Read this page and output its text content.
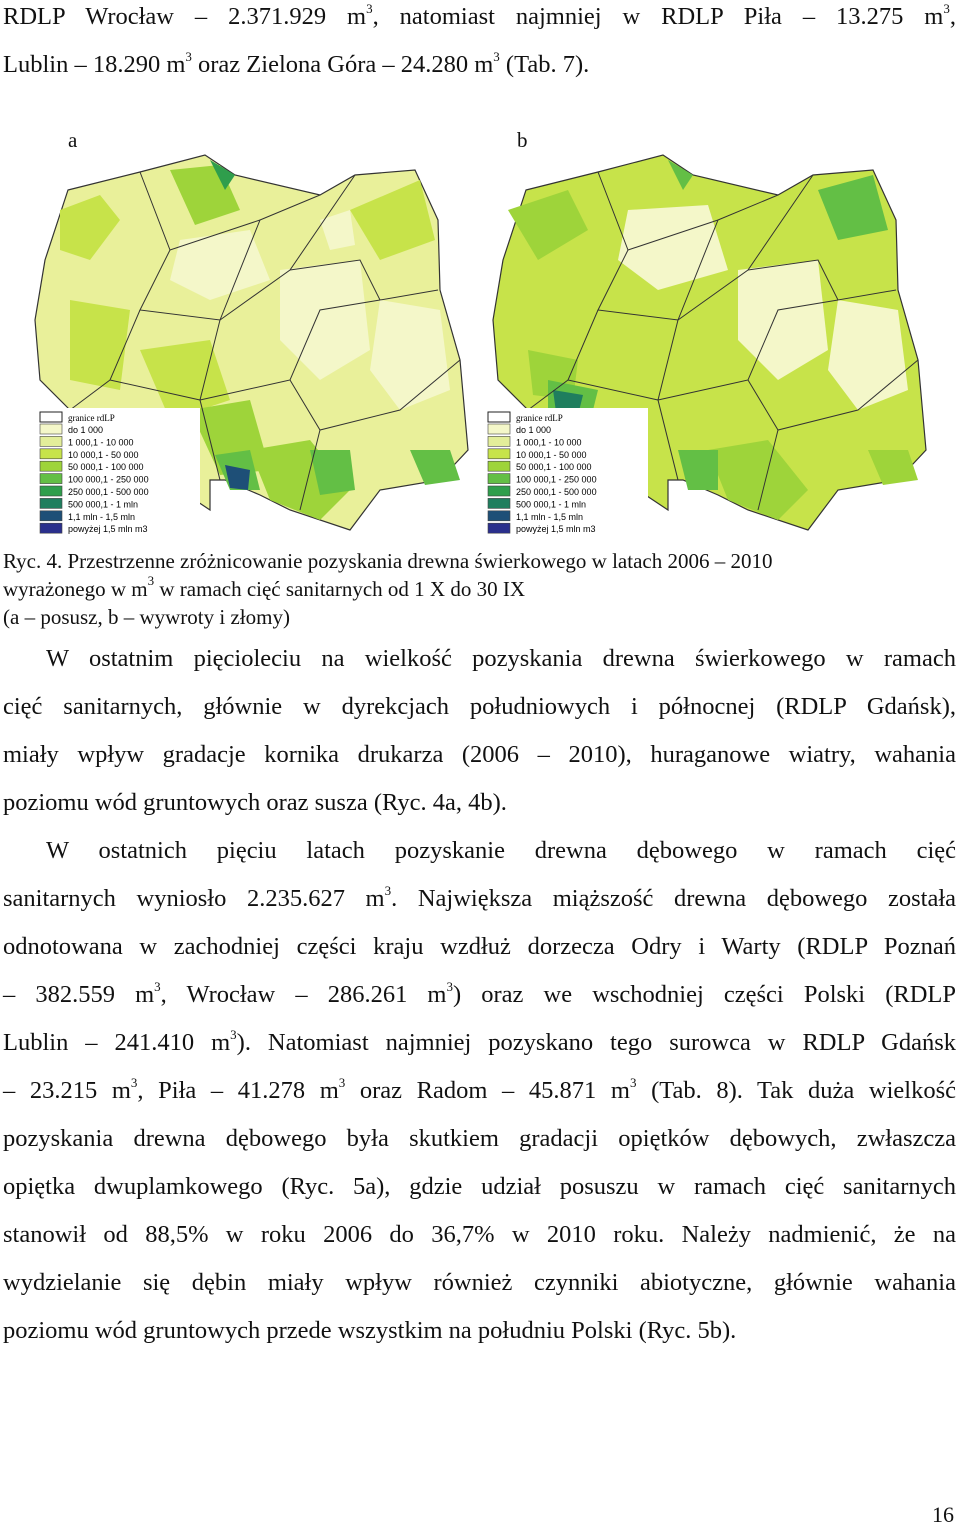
RDLP Wrocław – 2.371.929 $m^3$, natomiast najmniej w RDLP Piła – 13.275 $m^3$,
Lublin – 18.290 $m^3$ oraz Zielona Góra – 24.280 $m^3$ (Tab. 7).
a	b
granice rdLP
do 1 000
1 000,1 - 10 000
10 000,1 - 50 000
50 000,1 - 100 000
100 000,1 - 250 000
250 000,1 - 500 000
500 000,1 - 1 mln
1,1 mln - 1,5 mln
powyżej 1,5 mln m3
granice rdLP
do 1 000
1 000,1 - 10 000
10 000,1 - 50 000
50 000,1 - 100 000
100 000,1 - 250 000
250 000,1 - 500 000
500 000,1 - 1 mln
1,1 mln - 1,5 mln
powyżej 1,5 mln m3
Ryc. 4. Przestrzenne zróżnicowanie pozyskania drewna świerkowego w latach 2006 – 2010
wyrażonego w $m^3$ w ramach cięć sanitarnych od 1 X do 30 IX
(a – posusz, b – wywroty i złomy)
W ostatnim pięcioleciu na wielkość pozyskania drewna świerkowego w ramach
cięć sanitarnych, głównie w dyrekcjach południowych i północnej (RDLP Gdańsk),
miały wpływ gradacje kornika drukarza (2006 – 2010), huraganowe wiatry, wahania
poziomu wód gruntowych oraz susza (Ryc. 4a, 4b).
W ostatnich pięciu latach pozyskanie drewna dębowego w ramach cięć
sanitarnych wyniosło 2.235.627 $m^3$. Największa miąższość drewna dębowego została
odnotowana w zachodniej części kraju wzdłuż dorzecza Odry i Warty (RDLP Poznań
– 382.559 $m^3$, Wrocław – 286.261 $m^3$) oraz we wschodniej części Polski (RDLP
Lublin – 241.410 $m^3$). Natomiast najmniej pozyskano tego surowca w RDLP Gdańsk
– 23.215 $m^3$, Piła – 41.278 $m^3$ oraz Radom – 45.871 $m^3$ (Tab. 8). Tak duża wielkość
pozyskania drewna dębowego była skutkiem gradacji opiętków dębowych, zwłaszcza
opiętka dwuplamkowego (Ryc. 5a), gdzie udział posuszu w ramach cięć sanitarnych
stanowił od 88,5% w roku 2006 do 36,7% w 2010 roku. Należy nadmienić, że na
wydzielanie się dębin miały wpływ również czynniki abiotyczne, głównie wahania
poziomu wód gruntowych przede wszystkim na południu Polski (Ryc. 5b).
16
